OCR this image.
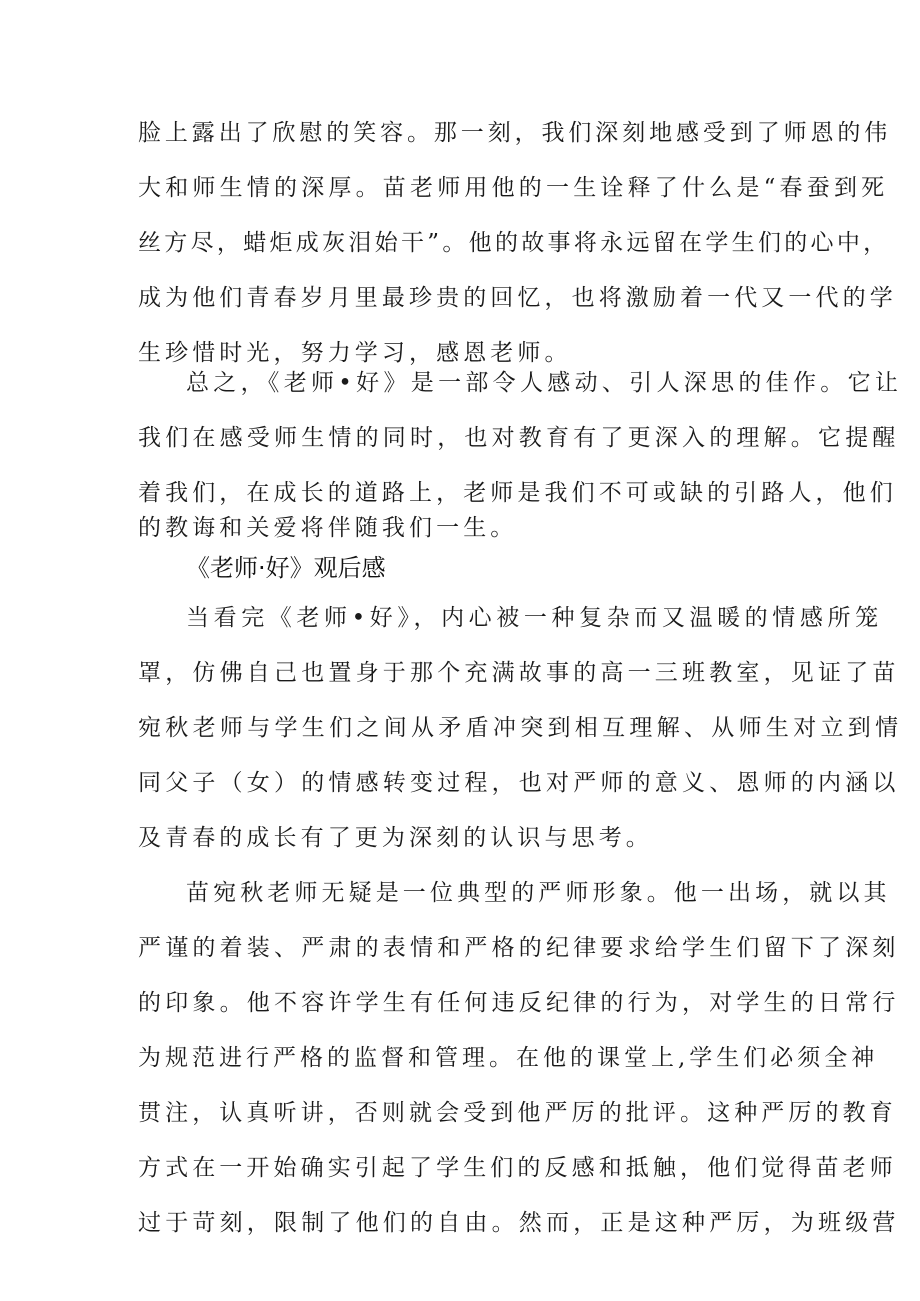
脸上露出了欣慰的笑容。那一刻，我们深刻地感受到了师恩的伟
大和师生情的深厚。苗老师用他的一生诠释了什么是“春蚕到死
丝方尽，蜡炬成灰泪始干”。他的故事将永远留在学生们的心中，
成为他们青春岁月里最珍贵的回忆，也将激励着一代又一代的学
生珍惜时光，努力学习，感恩老师。
总之，《老师•好》是一部令人感动、引人深思的佳作。它让
我们在感受师生情的同时，也对教育有了更深入的理解。它提醒
着我们，在成长的道路上，老师是我们不可或缺的引路人，他们
的教诲和关爱将伴随我们一生。
《老师·好》观后感
当看完《老师•好》，内心被一种复杂而又温暖的情感所笼
罩，仿佛自己也置身于那个充满故事的高一三班教室，见证了苗
宛秋老师与学生们之间从矛盾冲突到相互理解、从师生对立到情
同父子（女）的情感转变过程，也对严师的意义、恩师的内涵以
及青春的成长有了更为深刻的认识与思考。
苗宛秋老师无疑是一位典型的严师形象。他一出场，就以其
严谨的着装、严肃的表情和严格的纪律要求给学生们留下了深刻
的印象。他不容许学生有任何违反纪律的行为，对学生的日常行
为规范进行严格的监督和管理。在他的课堂上,学生们必须全神
贯注，认真听讲，否则就会受到他严厉的批评。这种严厉的教育
方式在一开始确实引起了学生们的反感和抵触，他们觉得苗老师
过于苛刻，限制了他们的自由。然而，正是这种严厉，为班级营
